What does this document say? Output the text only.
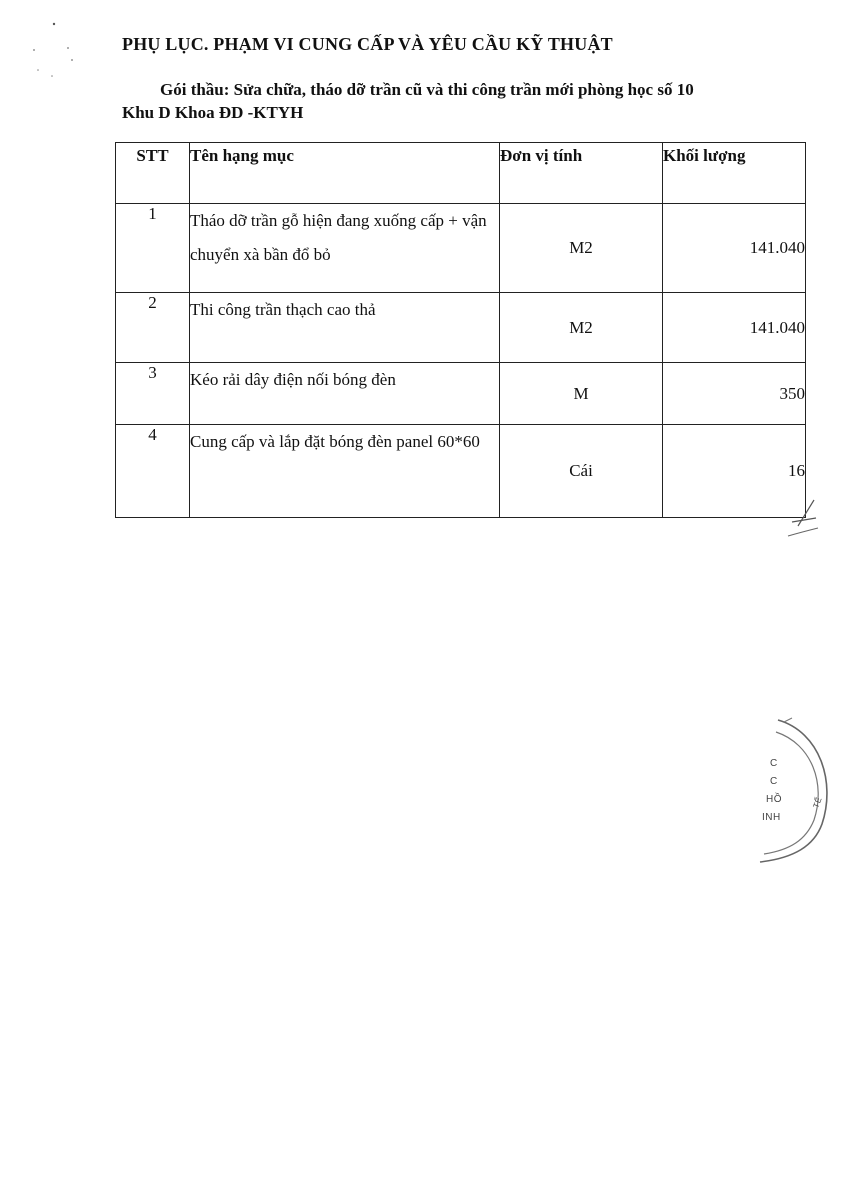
PHỤ LỤC. PHẠM VI CUNG CẤP VÀ YÊU CẦU KỸ THUẬT
Gói thầu: Sửa chữa, tháo dỡ trần cũ và thi công trần mới phòng học số 10
Khu D Khoa ĐD -KTYH
STT	Tên hạng mục	Đơn vị tính	Khối lượng
1	Tháo dỡ trần gỗ hiện đang xuống cấp + vận chuyển xà bần đổ bỏ	M2	141.040
2	Thi công trần thạch cao thả	M2	141.040
3	Kéo rải dây điện nối bóng đèn	M	350
4	Cung cấp và lắp đặt bóng đèn panel 60*60	Cái	16
C
C
HỒ
INH
TẾ
